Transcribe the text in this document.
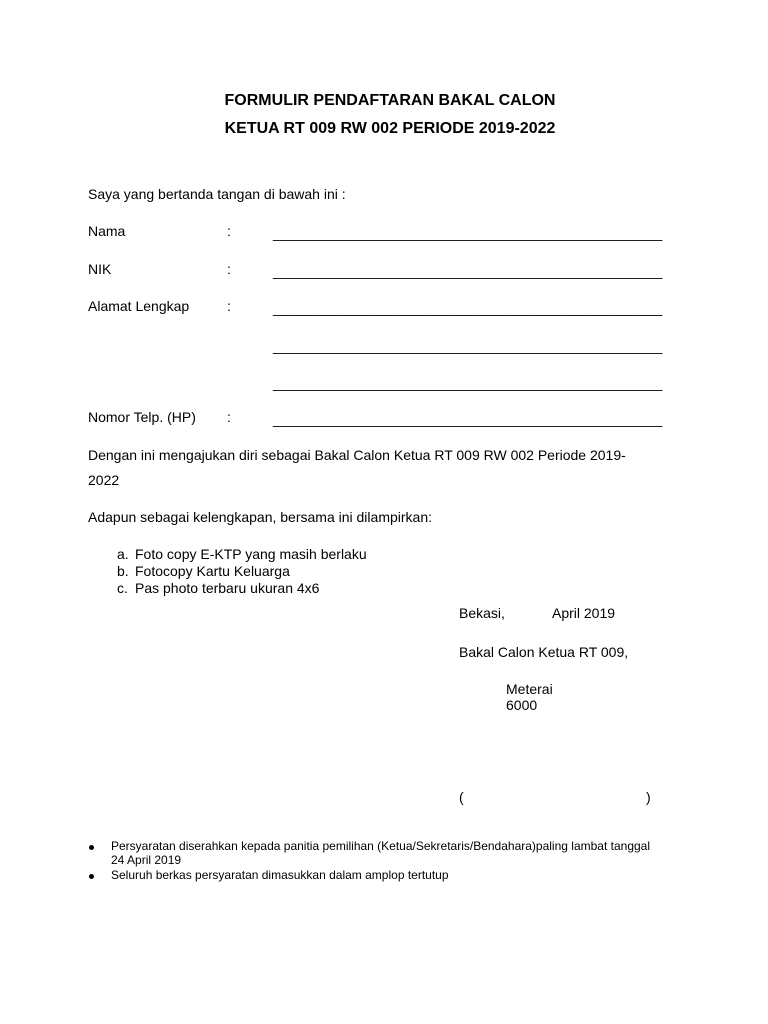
FORMULIR PENDAFTARAN BAKAL CALON
KETUA RT 009 RW 002 PERIODE 2019-2022
Saya yang bertanda tangan di bawah ini :
Nama	:	__________________________________________________
NIK	:	__________________________________________________
Alamat Lengkap	:	__________________________________________________
__________________________________________________
__________________________________________________
Nomor Telp. (HP) :	__________________________________________________
Dengan ini mengajukan diri sebagai Bakal Calon Ketua RT 009 RW 002 Periode 2019-
2022
Adapun sebagai kelengkapan, bersama ini dilampirkan:
a. Foto copy E-KTP yang masih berlaku
b. Fotocopy Kartu Keluarga
c. Pas photo terbaru ukuran 4x6
Bekasi,	April 2019
Bakal Calon Ketua RT 009,
Meterai
6000
(	)
Persyaratan diserahkan kepada panitia pemilihan (Ketua/Sekretaris/Bendahara)paling lambat tanggal
24 April 2019
Seluruh berkas persyaratan dimasukkan dalam amplop tertutup
